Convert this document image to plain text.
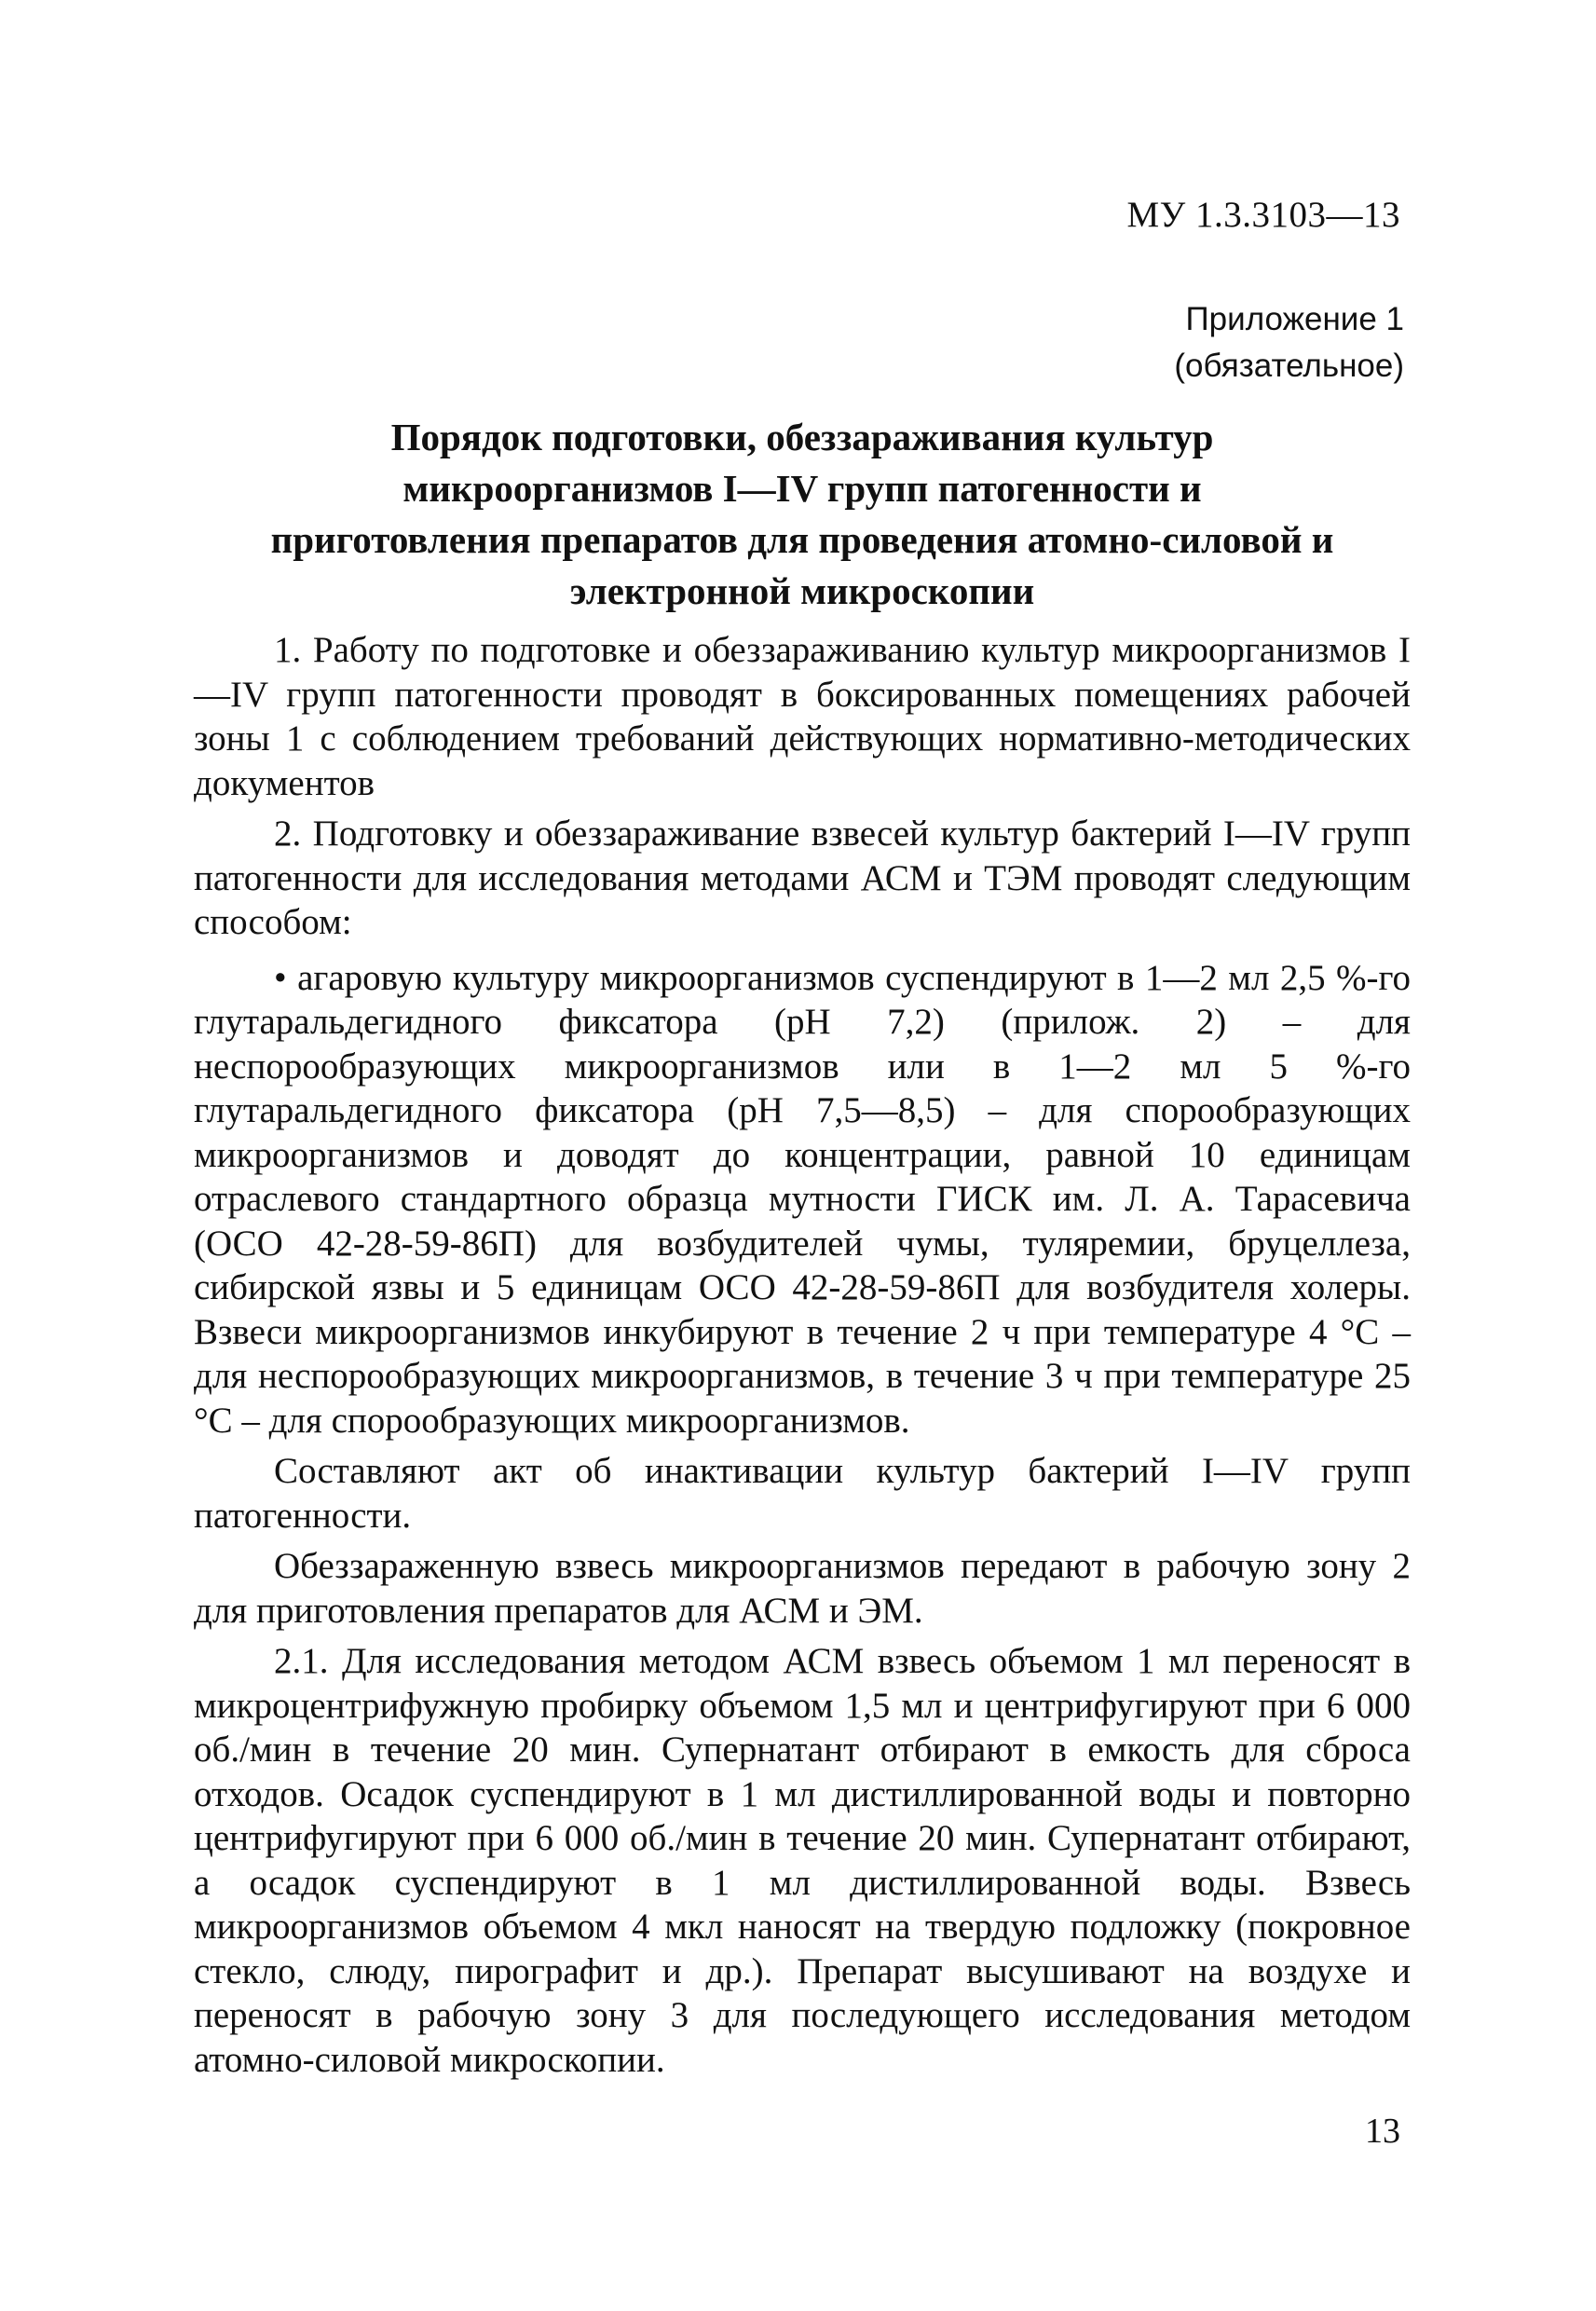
МУ 1.3.3103—13
Приложение 1
(обязательное)
Порядок подготовки, обеззараживания культур
микроорганизмов I—IV групп патогенности и
приготовления препаратов для проведения атомно-силовой и
электронной микроскопии

1. Работу по подготовке и обеззараживанию культур микроорганизмов I—IV групп патогенности проводят в боксированных помещениях рабочей зоны 1 с соблюдением требований действующих нормативно-методических документов

2. Подготовку и обеззараживание взвесей культур бактерий I—IV групп патогенности для исследования методами АСМ и ТЭМ проводят следующим способом:

• агаровую культуру микроорганизмов суспендируют в 1—2 мл 2,5 %-го глутаральдегидного фиксатора (рН 7,2) (прилож. 2) – для неспорообразующих микроорганизмов или в 1—2 мл 5 %-го глутаральдегидного фиксатора (рН 7,5—8,5) – для спорообразующих микроорганизмов и доводят до концентрации, равной 10 единицам отраслевого стандартного образца мутности ГИСК им. Л. А. Тарасевича (ОСО 42-28-59-86П) для возбудителей чумы, туляремии, бруцеллеза, сибирской язвы и 5 единицам ОСО 42-28-59-86П для возбудителя холеры. Взвеси микроорганизмов инкубируют в течение 2 ч при температуре 4 °С – для неспорообразующих микроорганизмов, в течение 3 ч при температуре 25 °С – для спорообразующих микроорганизмов.

Составляют акт об инактивации культур бактерий I—IV групп патогенности.

Обеззараженную взвесь микроорганизмов передают в рабочую зону 2 для приготовления препаратов для АСМ и ЭМ.

2.1. Для исследования методом АСМ взвесь объемом 1 мл переносят в микроцентрифужную пробирку объемом 1,5 мл и центрифугируют при 6 000 об./мин в течение 20 мин. Супернатант отбирают в емкость для сброса отходов. Осадок суспендируют в 1 мл дистиллированной воды и повторно центрифугируют при 6 000 об./мин в течение 20 мин. Супернатант отбирают, а осадок суспендируют в 1 мл дистиллированной воды. Взвесь микроорганизмов объемом 4 мкл наносят на твердую подложку (покровное стекло, слюду, пирографит и др.). Препарат высушивают на воздухе и переносят в рабочую зону 3 для последующего исследования методом атомно-силовой микроскопии.

13
